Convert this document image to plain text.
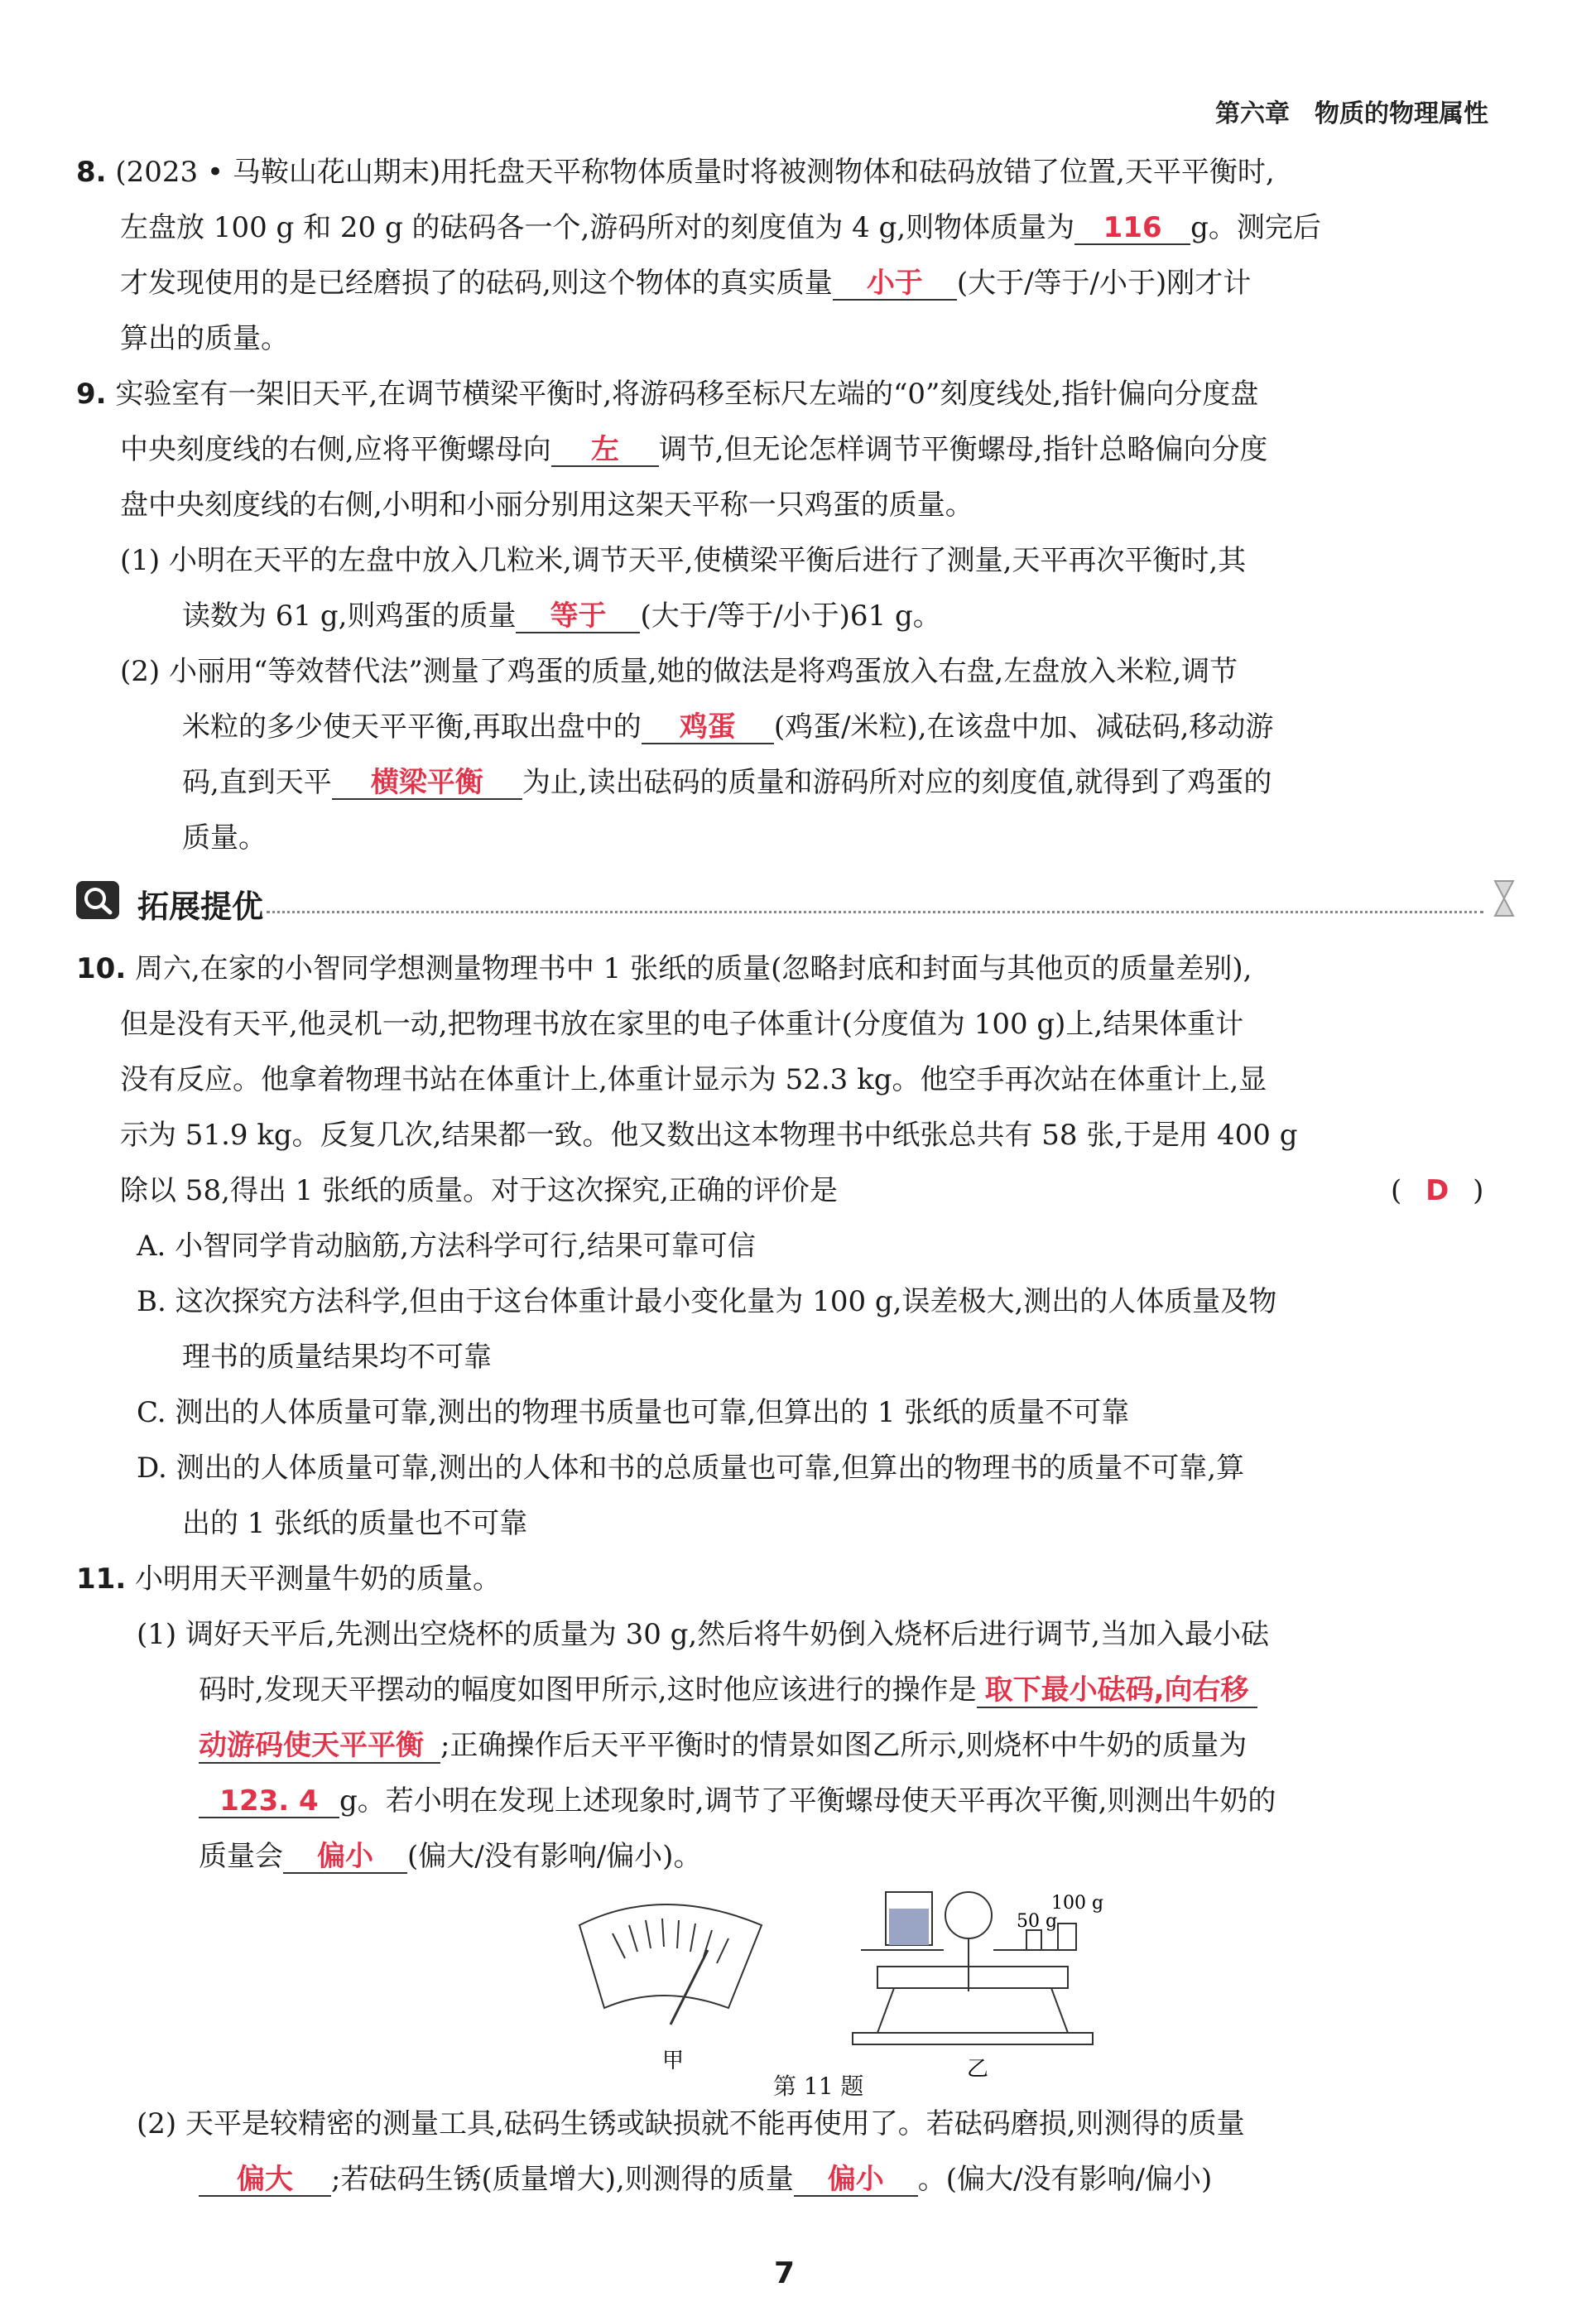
第六章 物质的物理属性
8. (2023 • 马鞍山花山期末)用托盘天平称物体质量时将被测物体和砝码放错了位置,天平平衡时,
左盘放 100 g 和 20 g 的砝码各一个,游码所对的刻度值为 4 g,则物体质量为 116 g。测完后
才发现使用的是已经磨损了的砝码,则这个物体的真实质量 小于 (大于/等于/小于)刚才计
算出的质量。
9. 实验室有一架旧天平,在调节横梁平衡时,将游码移至标尺左端的“0”刻度线处,指针偏向分度盘
中央刻度线的右侧,应将平衡螺母向 左 调节,但无论怎样调节平衡螺母,指针总略偏向分度
盘中央刻度线的右侧,小明和小丽分别用这架天平称一只鸡蛋的质量。
(1) 小明在天平的左盘中放入几粒米,调节天平,使横梁平衡后进行了测量,天平再次平衡时,其
读数为 61 g,则鸡蛋的质量 等于 (大于/等于/小于)61 g。
(2) 小丽用“等效替代法”测量了鸡蛋的质量,她的做法是将鸡蛋放入右盘,左盘放入米粒,调节
米粒的多少使天平平衡,再取出盘中的 鸡蛋 (鸡蛋/米粒),在该盘中加、减砝码,移动游
码,直到天平 横梁平衡 为止,读出砝码的质量和游码所对应的刻度值,就得到了鸡蛋的
质量。
拓展提优
10. 周六,在家的小智同学想测量物理书中 1 张纸的质量(忽略封底和封面与其他页的质量差别),
但是没有天平,他灵机一动,把物理书放在家里的电子体重计(分度值为 100 g)上,结果体重计
没有反应。他拿着物理书站在体重计上,体重计显示为 52.3 kg。他空手再次站在体重计上,显
示为 51.9 kg。反复几次,结果都一致。他又数出这本物理书中纸张总共有 58 张,于是用 400 g
除以 58,得出 1 张纸的质量。对于这次探究,正确的评价是	( D )
A. 小智同学肯动脑筋,方法科学可行,结果可靠可信
B. 这次探究方法科学,但由于这台体重计最小变化量为 100 g,误差极大,测出的人体质量及物
理书的质量结果均不可靠
C. 测出的人体质量可靠,测出的物理书质量也可靠,但算出的 1 张纸的质量不可靠
D. 测出的人体质量可靠,测出的人体和书的总质量也可靠,但算出的物理书的质量不可靠,算
出的 1 张纸的质量也不可靠
11. 小明用天平测量牛奶的质量。
(1) 调好天平后,先测出空烧杯的质量为 30 g,然后将牛奶倒入烧杯后进行调节,当加入最小砝
码时,发现天平摆动的幅度如图甲所示,这时他应该进行的操作是 取下最小砝码,向右移
动游码使天平平衡 ;正确操作后天平平衡时的情景如图乙所示,则烧杯中牛奶的质量为
123. 4 g。若小明在发现上述现象时,调节了平衡螺母使天平再次平衡,则测出牛奶的
质量会 偏小 (偏大/没有影响/偏小)。
甲
50 g
100 g
乙
第 11 题
(2) 天平是较精密的测量工具,砝码生锈或缺损就不能再使用了。若砝码磨损,则测得的质量
偏大 ;若砝码生锈(质量增大),则测得的质量 偏小 。(偏大/没有影响/偏小)
7
